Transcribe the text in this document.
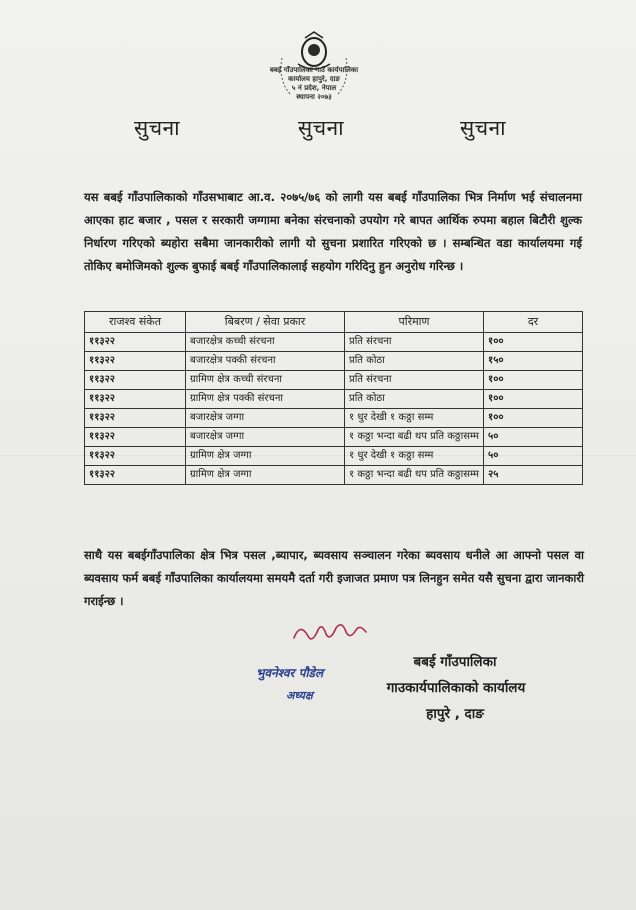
बबई गाँउपालिका गाउँ कार्यपालिका
कार्यालय हापुरे, दाङ
५ नं प्रदेश, नेपाल
स्थापना २०७३
सुचना	सुचना	सुचना
यस बबई गाँउपालिकाको गाँउसभाबाट आ.व. २०७५/७६ को लागी यस बबई गाँउपालिका भित्र निर्माण भई संचालनमा आएका हाट बजार , पसल र सरकारी जग्गामा बनेका संरचनाको उपयोग गरे बापत आर्थिक रुपमा बहाल बिटौरी शुल्क निर्धारण गरिएको ब्यहोरा सबैमा जानकारीको लागी यो सुचना प्रशारित गरिएको छ । सम्बन्धित वडा कार्यालयमा गई तोकिए बमोजिमको शुल्क बुफाई बबई गाँउपालिकालाई सहयोग गरिदिनु हुन अनुरोध गरिन्छ ।
राजश्व संकेत	बिबरण / सेवा प्रकार	परिमाण	दर
११३२२	बजारक्षेत्र कच्ची संरचना	प्रति संरचना	१००
११३२२	बजारक्षेत्र पक्की संरचना	प्रति कोठा	१५०
११३२२	ग्रामिण क्षेत्र कच्ची संरचना	प्रति संरचना	१००
११३२२	ग्रामिण क्षेत्र पक्की संरचना	प्रति कोठा	१००
११३२२	बजारक्षेत्र जग्गा	१ धुर देखी १ कठ्ठा सम्म	१००
११३२२	बजारक्षेत्र जग्गा	१ कठ्ठा भन्दा बढी थप प्रति कठ्ठासम्म	५०
११३२२	ग्रामिण क्षेत्र जग्गा	१ धुर देखी १ कठ्ठा सम्म	५०
११३२२	ग्रामिण क्षेत्र जग्गा	१ कठ्ठा भन्दा बढी थप प्रति कठ्ठासम्म	२५
साथै यस बबईगाँउपालिका क्षेत्र भित्र पसल ,ब्यापार, ब्यवसाय सञ्चालन गरेका ब्यवसाय धनीले आ आफ्नो पसल वा ब्यवसाय फर्म बबई गाँउपालिका कार्यालयमा समयमै दर्ता गरी इजाजत प्रमाण पत्र लिनहुन समेत यसै सुचना द्वारा जानकारी गराईन्छ ।
भुवनेश्वर पौडेल
अध्यक्ष
बबई गाँउपालिका
गाउकार्यपालिकाको कार्यालय
हापुरे , दाङ
